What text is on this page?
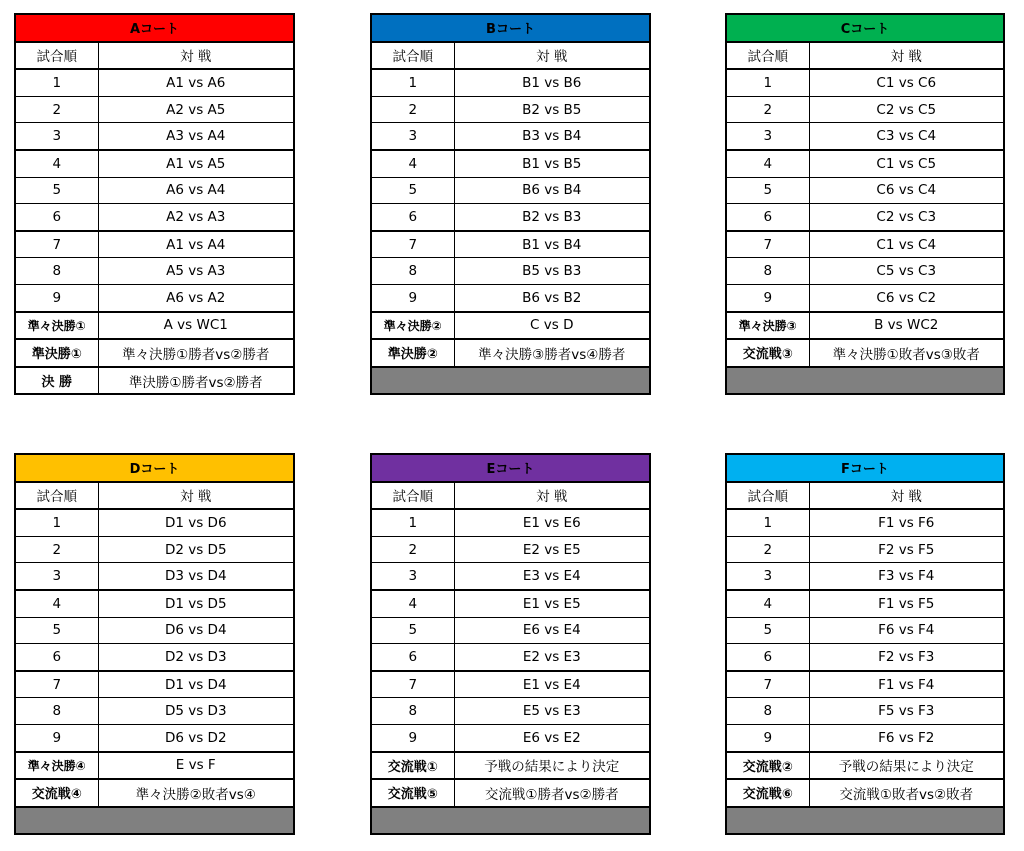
Aコート	
試合順	対 戦
1	A1 vs A6
2	A2 vs A5
3	A3 vs A4
4	A1 vs A5
5	A6 vs A4
6	A2 vs A3
7	A1 vs A4
8	A5 vs A3
9	A6 vs A2
準々決勝①	A vs WC1
準決勝①	準々決勝①勝者vs②勝者
決 勝	準決勝①勝者vs②勝者
Bコート	
試合順	対 戦
1	B1 vs B6
2	B2 vs B5
3	B3 vs B4
4	B1 vs B5
5	B6 vs B4
6	B2 vs B3
7	B1 vs B4
8	B5 vs B3
9	B6 vs B2
準々決勝②	C vs D
準決勝②	準々決勝③勝者vs④勝者

Cコート	
試合順	対 戦
1	C1 vs C6
2	C2 vs C5
3	C3 vs C4
4	C1 vs C5
5	C6 vs C4
6	C2 vs C3
7	C1 vs C4
8	C5 vs C3
9	C6 vs C2
準々決勝③	B vs WC2
交流戦③	準々決勝①敗者vs③敗者

Dコート	
試合順	対 戦
1	D1 vs D6
2	D2 vs D5
3	D3 vs D4
4	D1 vs D5
5	D6 vs D4
6	D2 vs D3
7	D1 vs D4
8	D5 vs D3
9	D6 vs D2
準々決勝④	E vs F
交流戦④	準々決勝②敗者vs④

Eコート	
試合順	対 戦
1	E1 vs E6
2	E2 vs E5
3	E3 vs E4
4	E1 vs E5
5	E6 vs E4
6	E2 vs E3
7	E1 vs E4
8	E5 vs E3
9	E6 vs E2
交流戦①	予戦の結果により決定
交流戦⑤	交流戦①勝者vs②勝者

Fコート	
試合順	対 戦
1	F1 vs F6
2	F2 vs F5
3	F3 vs F4
4	F1 vs F5
5	F6 vs F4
6	F2 vs F3
7	F1 vs F4
8	F5 vs F3
9	F6 vs F2
交流戦②	予戦の結果により決定
交流戦⑥	交流戦①敗者vs②敗者
